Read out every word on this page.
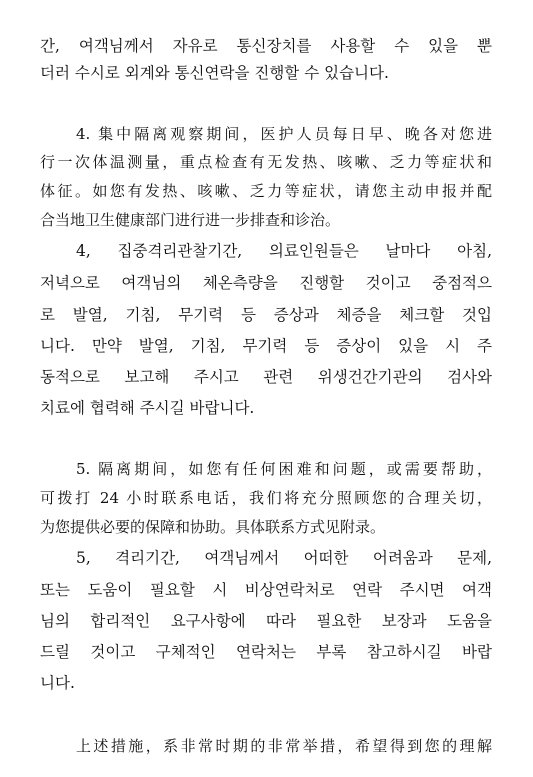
간, 여객님께서 자유로 통신장치를 사용할 수 있을 뿐
더러 수시로 외계와 통신연락을 진행할 수 있습니다.
4. 集中隔离观察期间，医护人员每日早、晚各对您进
行一次体温测量，重点检查有无发热、咳嗽、乏力等症状和
体征。如您有发热、咳嗽、乏力等症状，请您主动申报并配
合当地卫生健康部门进行进一步排查和诊治。
4, 집중격리관찰기간, 의료인원들은 날마다 아침,
저녁으로 여객님의 체온측량을 진행할 것이고 중점적으
로 발열, 기침, 무기력 등 증상과 체증을 체크할 것입
니다. 만약 발열, 기침, 무기력 등 증상이 있을 시 주
동적으로 보고해 주시고 관련 위생건간기관의 검사와
치료에 협력해 주시길 바랍니다.
5. 隔离期间，如您有任何困难和问题，或需要帮助，
可拨打 24 小时联系电话，我们将充分照顾您的合理关切，
为您提供必要的保障和协助。具体联系方式见附录。
5, 격리기간, 여객님께서 어떠한 어려움과 문제,
또는 도움이 필요할 시 비상연락처로 연락 주시면 여객
님의 합리적인 요구사항에 따라 필요한 보장과 도움을
드릴 것이고 구체적인 연락처는 부록 참고하시길 바랍
니다.
上述措施，系非常时期的非常举措，希望得到您的理解
